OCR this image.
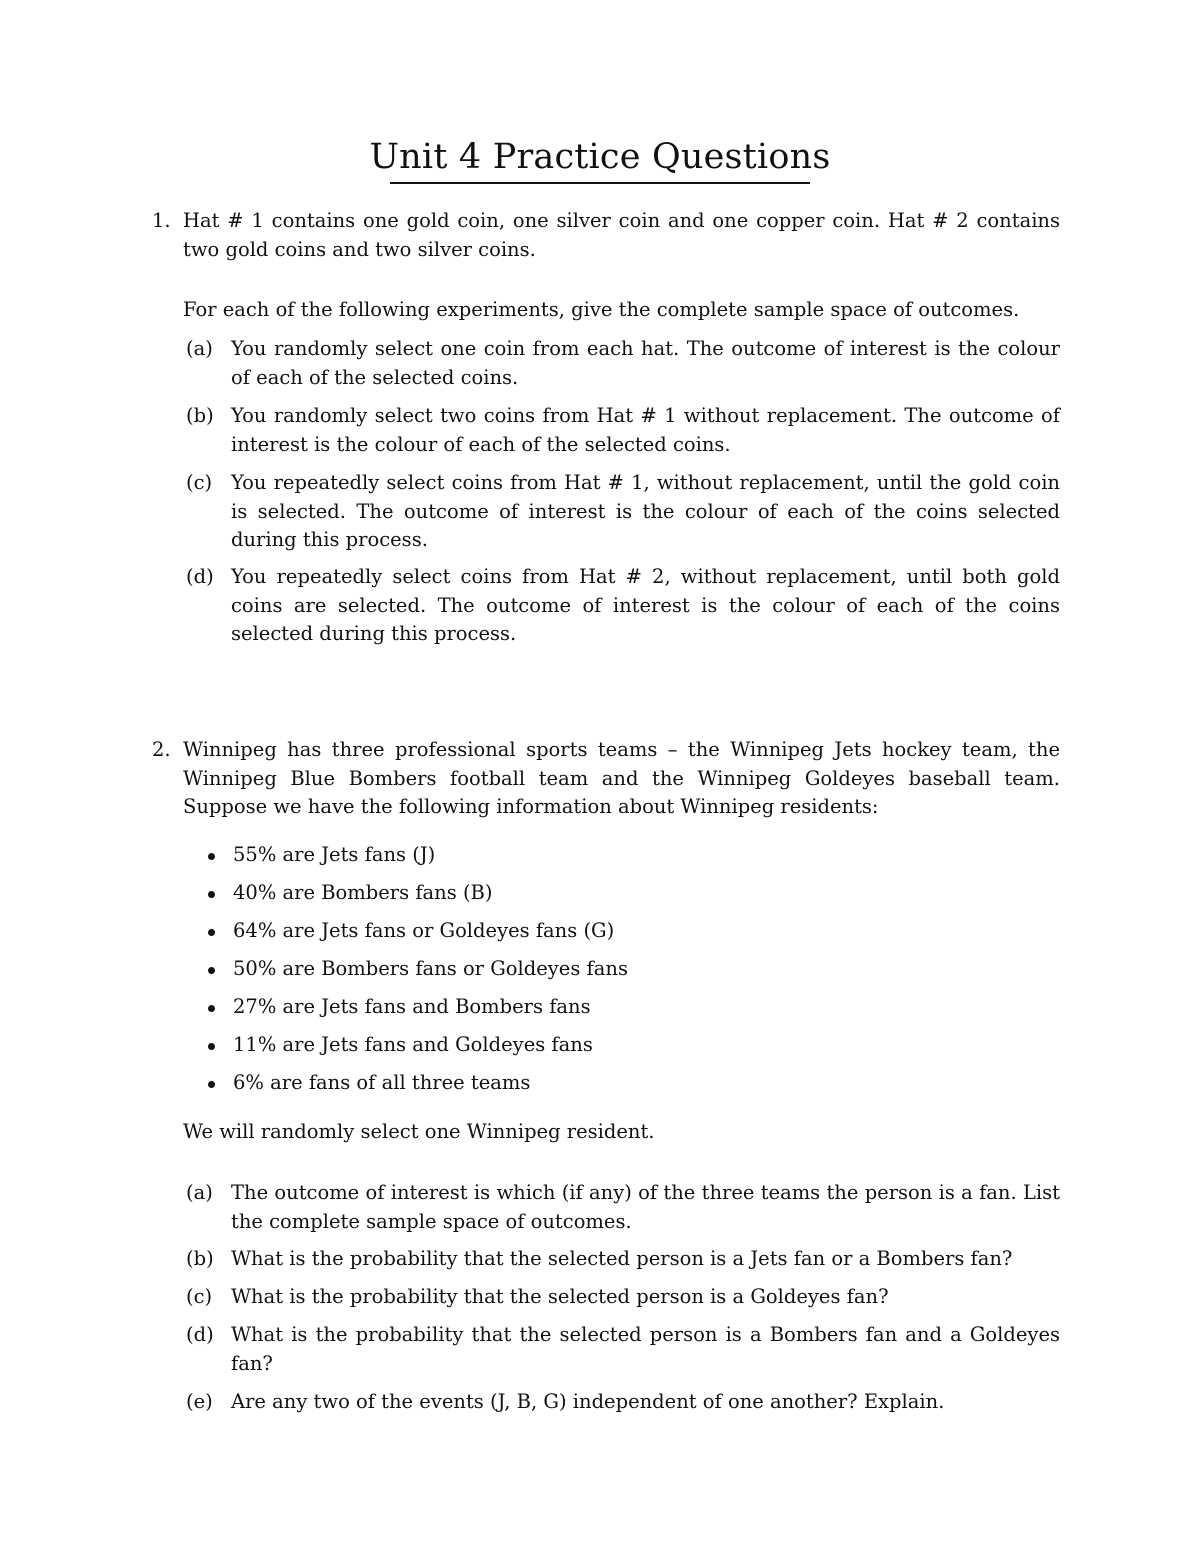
Unit 4 Practice Questions
1. Hat # 1 contains one gold coin, one silver coin and one copper coin. Hat # 2 contains two gold coins and two silver coins.
For each of the following experiments, give the complete sample space of outcomes.
(a) You randomly select one coin from each hat. The outcome of interest is the colour of each of the selected coins.
(b) You randomly select two coins from Hat # 1 without replacement. The outcome of interest is the colour of each of the selected coins.
(c) You repeatedly select coins from Hat # 1, without replacement, until the gold coin is selected. The outcome of interest is the colour of each of the coins selected during this process.
(d) You repeatedly select coins from Hat # 2, without replacement, until both gold coins are selected. The outcome of interest is the colour of each of the coins selected during this process.
2. Winnipeg has three professional sports teams – the Winnipeg Jets hockey team, the Winnipeg Blue Bombers football team and the Winnipeg Goldeyes baseball team. Suppose we have the following information about Winnipeg residents:
55% are Jets fans (J)
40% are Bombers fans (B)
64% are Jets fans or Goldeyes fans (G)
50% are Bombers fans or Goldeyes fans
27% are Jets fans and Bombers fans
11% are Jets fans and Goldeyes fans
6% are fans of all three teams
We will randomly select one Winnipeg resident.
(a) The outcome of interest is which (if any) of the three teams the person is a fan. List the complete sample space of outcomes.
(b) What is the probability that the selected person is a Jets fan or a Bombers fan?
(c) What is the probability that the selected person is a Goldeyes fan?
(d) What is the probability that the selected person is a Bombers fan and a Goldeyes fan?
(e) Are any two of the events (J, B, G) independent of one another? Explain.
